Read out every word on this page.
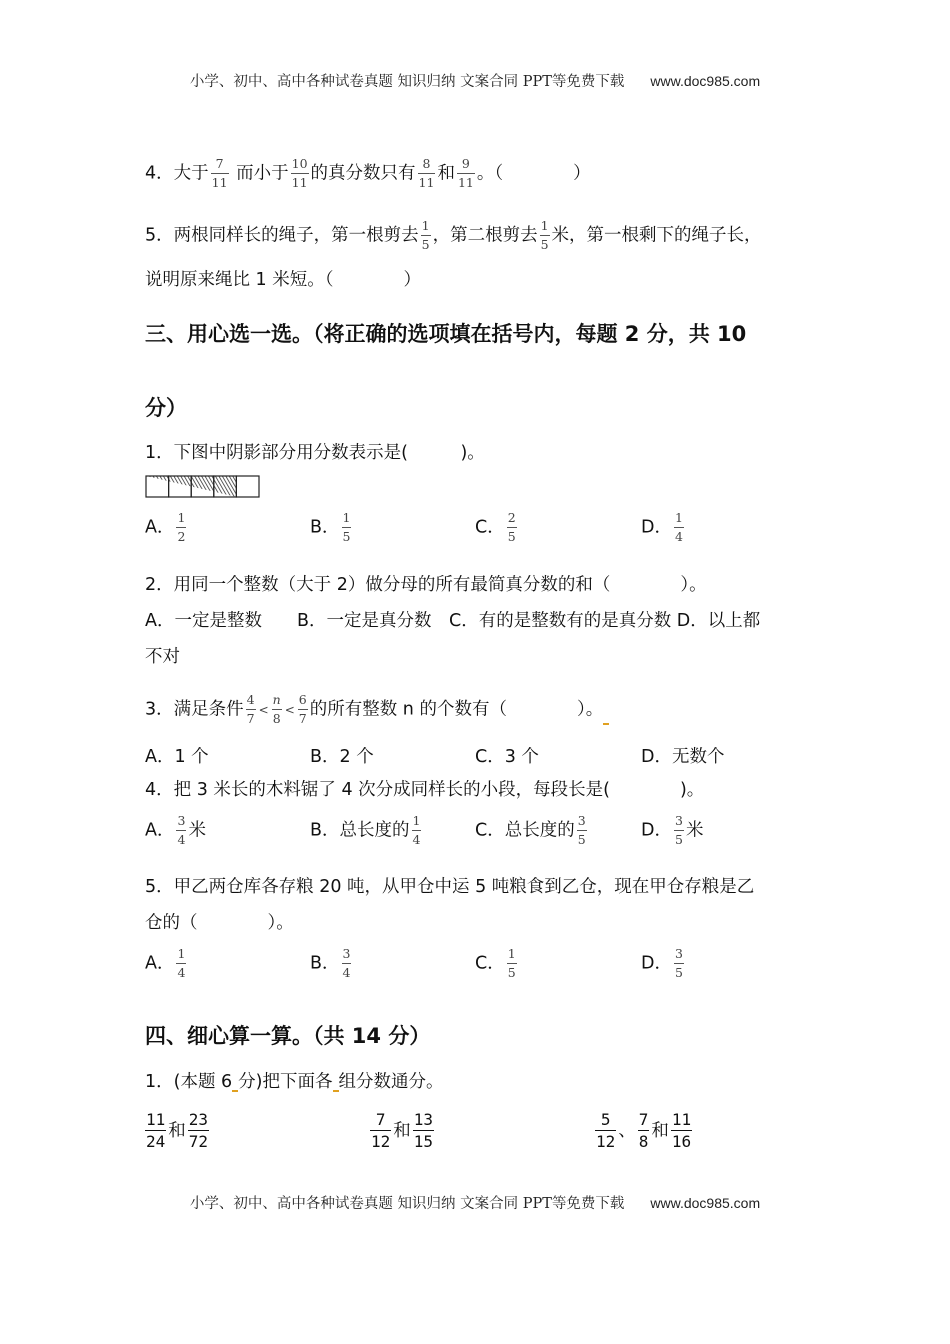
小学、初中、高中各种试卷真题 知识归纳 文案合同 PPT等免费下载 www.doc985.com
4．大于 $\frac{7}{11}$ 而小于 $\frac{10}{11}$ 的真分数只有 $\frac{8}{11}$ 和 $\frac{9}{11}$ 。（　　　　）
5．两根同样长的绳子，第一根剪去 $\frac{1}{5}$ ，第二根剪去 $\frac{1}{5}$ 米，第一根剩下的绳子长，
说明原来绳比 1 米短。（　　　　）
三、用心选一选。（将正确的选项填在括号内，每题 2 分，共 10
分）
1．下图中阴影部分用分数表示是(　　　)。
A． $\frac{1}{2}$	B． $\frac{1}{5}$	C． $\frac{2}{5}$	D． $\frac{1}{4}$
2．用同一个整数（大于 2）做分母的所有最简真分数的和（　　　　）。
A．一定是整数　　B．一定是真分数　C．有的是整数有的是真分数 D．以上都
不对
3．满足条件 $\frac{4}{7} < \frac{n}{8} < \frac{6}{7}$ 的所有整数 n 的个数有（　　　　）。
A．1 个	B．2 个	C．3 个	D．无数个
4．把 3 米长的木料锯了 4 次分成同样长的小段，每段长是(　　　　)。
A． $\frac{3}{4}$ 米	B．总长度的 $\frac{1}{4}$	C．总长度的 $\frac{3}{5}$	D． $\frac{3}{5}$ 米
5．甲乙两仓库各存粮 20 吨，从甲仓中运 5 吨粮食到乙仓，现在甲仓存粮是乙
仓的（　　　　）。
A． $\frac{1}{4}$	B． $\frac{3}{4}$	C． $\frac{1}{5}$	D． $\frac{3}{5}$
四、细心算一算。（共 14 分）
1．(本题 6 分)把下面各 组分数通分。
$\frac{11}{24}$ 和 $\frac{23}{72}$	$\frac{7}{12}$ 和 $\frac{13}{15}$	$\frac{5}{12}$ 、 $\frac{7}{8}$ 和 $\frac{11}{16}$
小学、初中、高中各种试卷真题 知识归纳 文案合同 PPT等免费下载 www.doc985.com
